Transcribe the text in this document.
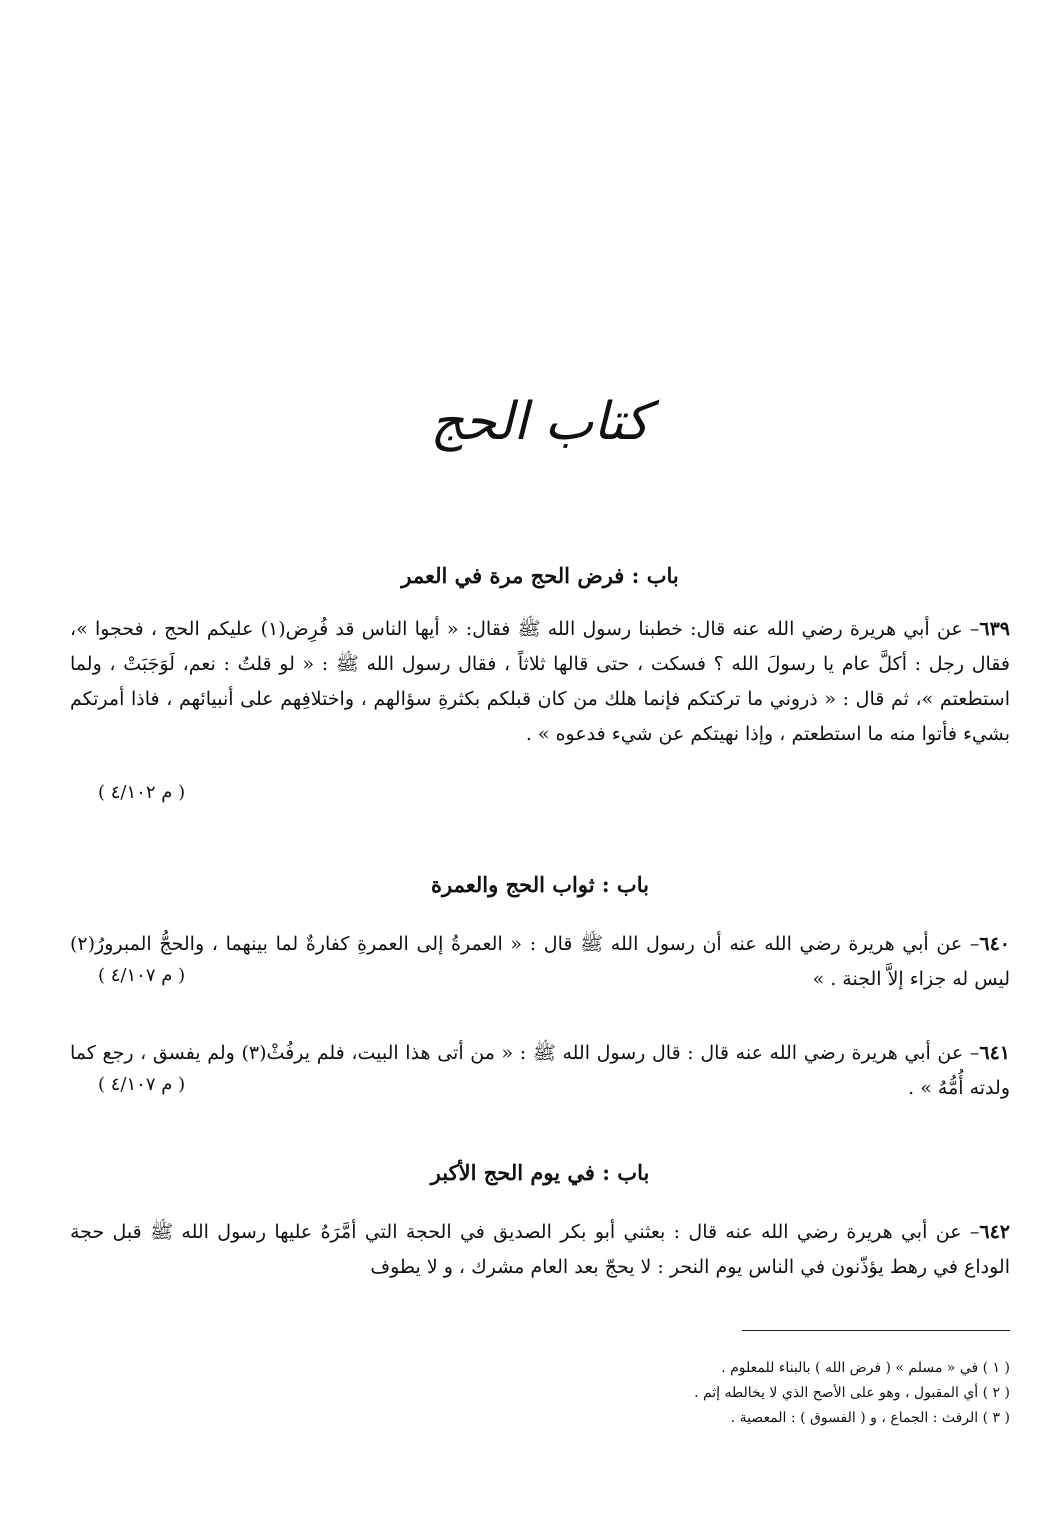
كتاب الحج
باب : فرض الحج مرة في العمر

٦٣٩– عن أبي هريرة رضي الله عنه قال: خطبنا رسول الله ﷺ فقال: « أيها الناس قد فُرِض(١) عليكم الحج ، فحجوا »، فقال رجل : أكلَّ عام يا رسولَ الله ؟ فسكت ، حتى قالها ثلاثاً ، فقال رسول الله ﷺ : « لو قلتُ : نعم، لَوَجَبَتْ ، ولما استطعتم »، ثم قال : « ذروني ما تركتكم فإنما هلك من كان قبلكم بكثرةِ سؤالهم ، واختلافِهم على أنبيائهم ، فاذا أمرتكم بشيء فأتوا منه ما استطعتم ، وإذا نهيتكم عن شيء فدعوه » .

( م ٤/١٠٢ )
باب : ثواب الحج والعمرة

٦٤٠– عن أبي هريرة رضي الله عنه أن رسول الله ﷺ قال : « العمرةُ إلى العمرةِ كفارةٌ لما بينهما ، والحجُّ المبرورُ(٢) ليس له جزاء إلاَّ الجنة . »

( م ٤/١٠٧ )

٦٤١– عن أبي هريرة رضي الله عنه قال : قال رسول الله ﷺ : « من أتى هذا البيت، فلم يرفُثْ(٣) ولم يفسق ، رجع كما ولدته أُمُّهُ » .

( م ٤/١٠٧ )
باب : في يوم الحج الأكبر

٦٤٢– عن أبي هريرة رضي الله عنه قال : بعثني أبو بكر الصديق في الحجة التي أمَّرَهُ عليها رسول الله ﷺ قبل حجة الوداع في رهط يؤذّنون في الناس يوم النحر : لا يحجّ بعد العام مشرك ، و لا يطوف

( ١ ) في « مسلم » ( فرض الله ) بالبناء للمعلوم .
( ٢ ) أي المقبول ، وهو على الأصح الذي لا يخالطه إثم .
( ٣ ) الرفث : الجماع ، و ( الفسوق ) : المعصية .
